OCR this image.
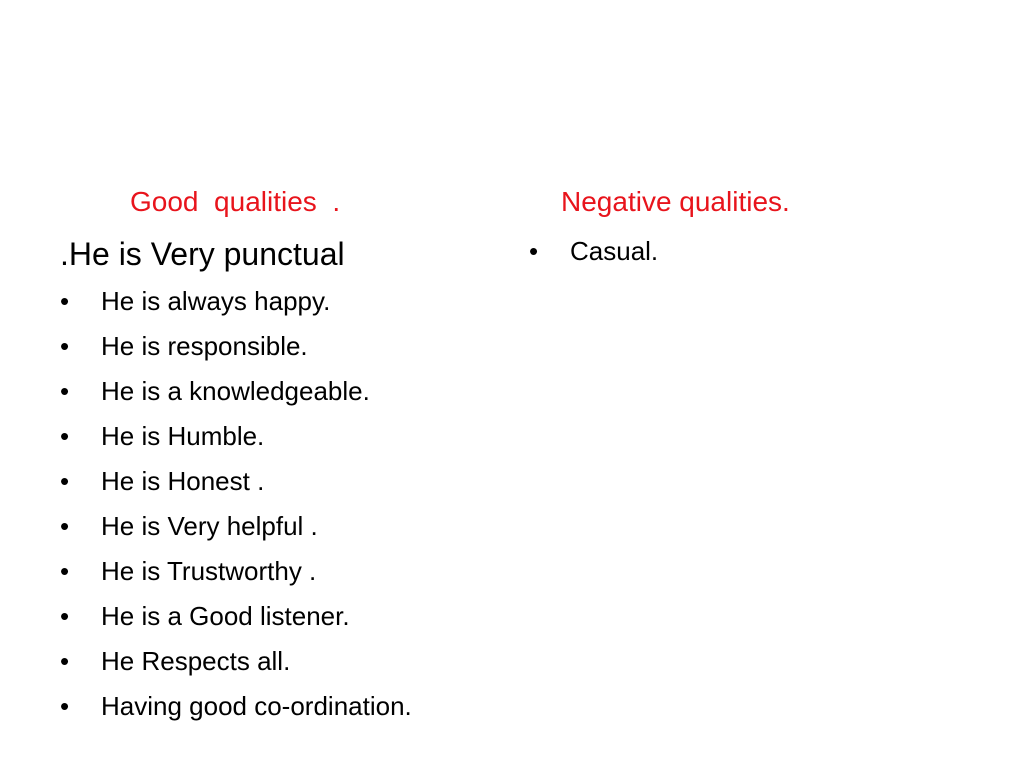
Good  qualities  .	Negative qualities.
.He is Very punctual
•	He is always happy.
•	He is responsible.
•	He is a knowledgeable.
•	He is Humble.
•	He is Honest .
•	He is Very helpful .
•	He is Trustworthy .
•	He is a Good listener.
•	He Respects all.
•	Having good co-ordination.
•	Casual.
